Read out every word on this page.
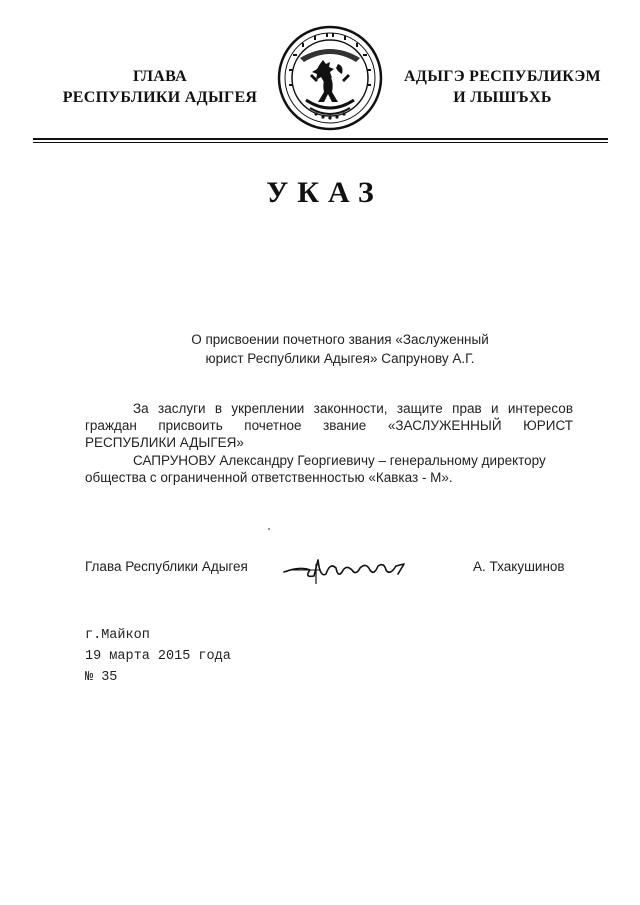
ГЛАВА
РЕСПУБЛИКИ АДЫГЕЯ
АДЫГЭ РЕСПУБЛИКЭМ
И ЛЫШЪХЬ
УКАЗ
О присвоении почетного звания «Заслуженный
юрист Республики Адыгея» Сапрунову А.Г.
За заслуги в укреплении законности, защите прав и интересов
граждан присвоить почетное звание «ЗАСЛУЖЕННЫЙ ЮРИСТ
РЕСПУБЛИКИ АДЫГЕЯ»
САПРУНОВУ Александру Георгиевичу – генеральному директору
общества с ограниченной ответственностью «Кавказ - М».
Глава Республики Адыгея	А. Тхакушинов
г.Майкоп
19 марта 2015 года
№ 35
